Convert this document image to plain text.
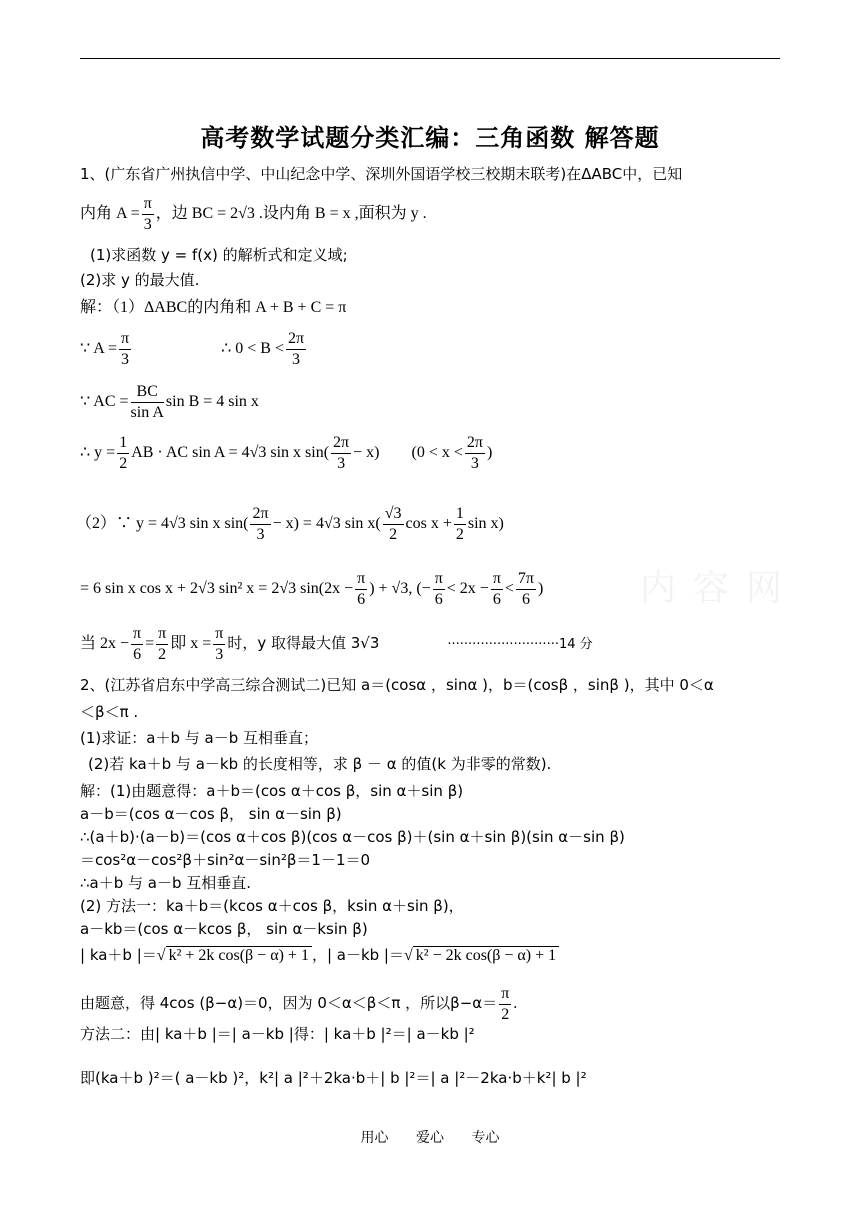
内 容 网
高考数学试题分类汇编：三角函数 解答题
1、(广东省广州执信中学、中山纪念中学、深圳外国语学校三校期末联考)在ΔABC中，已知
内角 $A = \frac{\pi}{3}$ ，边 BC = 2√3 .设内角 B = x ,面积为 y .
(1)求函数 y = f(x) 的解析式和定义域;
(2)求 y 的最大值.
解：（1）ΔABC的内角和 A + B + C = π
∵ $A = \frac{\pi}{3}$	∴ $0 < B < \frac{2\pi}{3}$
∵ AC = $\frac{BC}{\text{sin A}}$ sin B = 4 sin x
∴ $y = \frac{1}{2}$ AB · AC sin A = 4√3 sin x $\sin( \frac{2\pi}{3} - x)$ ($0 < x < \frac{2\pi}{3}$ )
（2）∵ y = 4√3 sin x $\sin( \frac{2\pi}{3} - x) = 4√3$ $\sin x( \frac{√3}{2}$ $\cos x + \frac{1}{2}$ sin x)
= 6 sin x cos x + 2√3 sin² x = 2√3 $\sin(2x - \frac{\pi}{6}$ ) + √3, (− $\frac{\pi}{6} < 2x - \frac{\pi}{6} < \frac{7\pi}{6}$ )
当 $2x - \frac{\pi}{6} = \frac{\pi}{2}$ 即 $x = \frac{\pi}{3}$ 时，y 取得最大值 3√3	···························14 分
2、(江苏省启东中学高三综合测试二)已知 a＝(cosα ，sinα )，b＝(cosβ ，sinβ )，其中 0＜α
＜β＜π .
(1)求证：a＋b 与 a－b 互相垂直；
(2)若 ka＋b 与 a－kb 的长度相等，求 β － α 的值(k 为非零的常数).
解：(1)由题意得：a＋b＝(cos α＋cos β，sin α＋sin β)
a－b＝(cos α－cos β， sin α－sin β)
∴(a＋b)·(a－b)＝(cos α＋cos β)(cos α－cos β)＋(sin α＋sin β)(sin α－sin β)
＝cos²α－cos²β＋sin²α－sin²β＝1－1＝0
∴a＋b 与 a－b 互相垂直.
(2) 方法一：ka＋b＝(kcos α＋cos β，ksin α＋sin β)，
a－kb＝(cos α－kcos β， sin α－ksin β)
| ka＋b |＝√ k² + 2k cos(β − α) + 1 ，| a－kb |＝√ k² − 2k cos(β − α) + 1
由题意，得 4cos (β−α)＝0，因为 0＜α＜β＜π ，所以$\beta-\alpha= \frac{\pi}{2}$ .
方法二：由| ka＋b |＝| a－kb |得：| ka＋b |²＝| a－kb |²
即(ka＋b )²＝( a－kb )²，k²| a |²＋2ka·b＋| b |²＝| a |²－2ka·b＋k²| b |²
用心 爱心 专心
